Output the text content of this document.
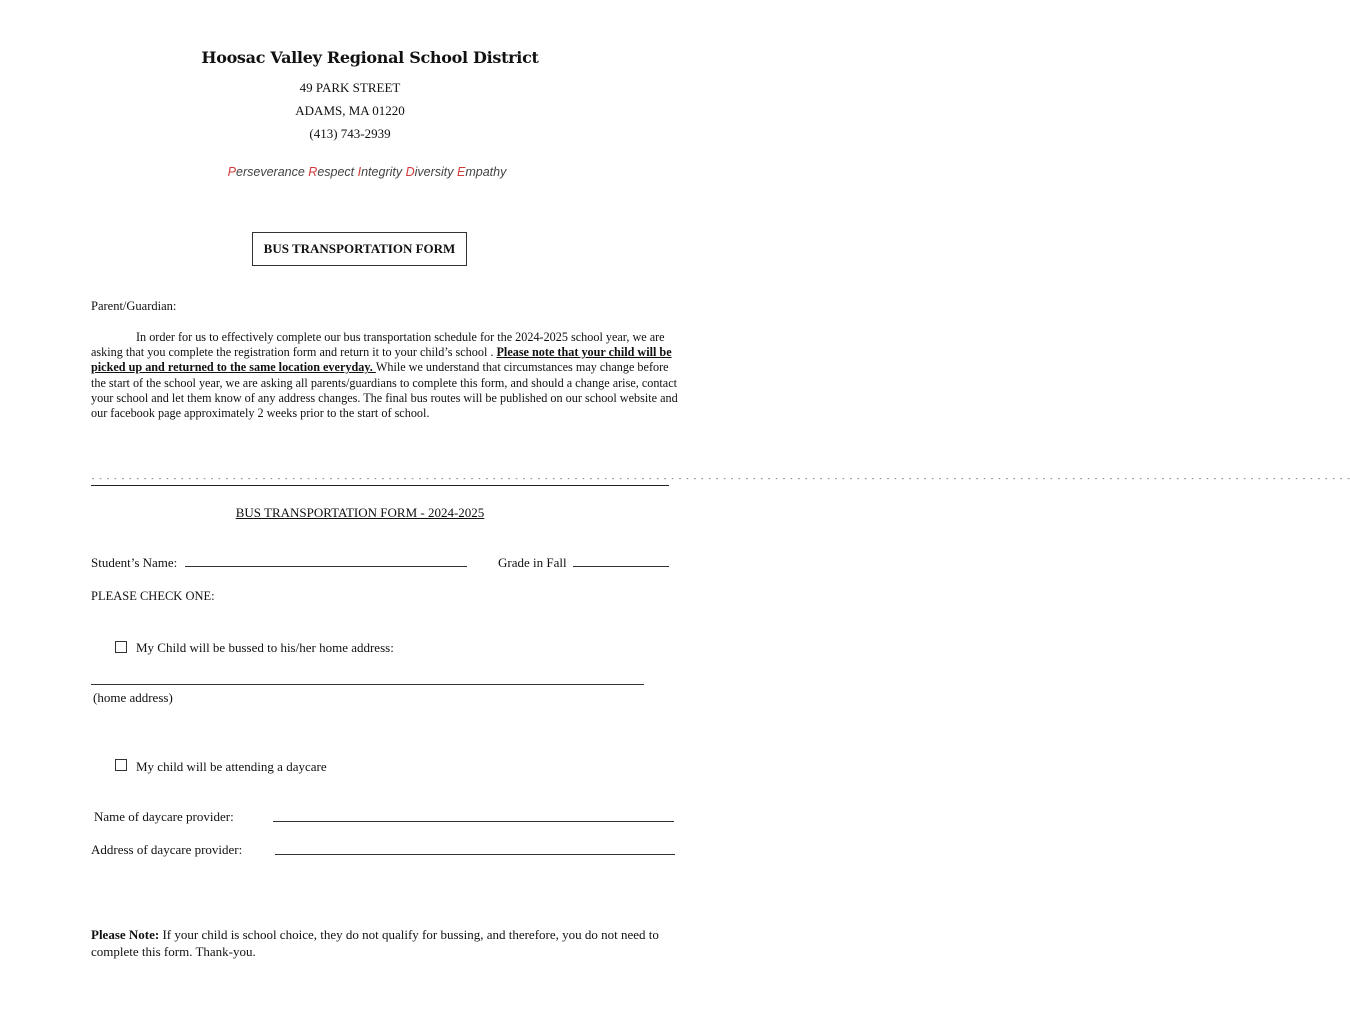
Hoosac Valley Regional School District
49 PARK STREET
ADAMS, MA 01220
(413) 743-2939
Perseverance Respect Integrity Diversity Empathy
BUS TRANSPORTATION FORM
Parent/Guardian:
In order for us to effectively complete our bus transportation schedule for the 2024-2025 school year, we are asking that you complete the registration form and return it to your child’s school . Please note that your child will be picked up and returned to the same location everyday. While we understand that circumstances may change before the start of the school year, we are asking all parents/guardians to complete this form, and should a change arise, contact your school and let them know of any address changes. The final bus routes will be published on our school website and our facebook page approximately 2 weeks prior to the start of school.
- - - - - - - - - - - - - - - - - - - - - - - - - - - - - - - - - - - - - - - - - - - - - - - - - - - - - - - - - - - - - - - - - - - - - - - - - - - - - - - - - - - - - - - - - - - - - - - - - - - - - - - - - - - - - - - - - - - - - - - - - - - - - - - - - - - - - - - - - - - - - - - - - - - - - - - - - - - - - - - - - - - - - - - - - -
BUS TRANSPORTATION FORM - 2024-2025
Student’s Name:	Grade in Fall
PLEASE CHECK ONE:
My Child will be bussed to his/her home address:
(home address)
My child will be attending a daycare
Name of daycare provider:
Address of daycare provider:
Please Note: If your child is school choice, they do not qualify for bussing, and therefore, you do not need to complete this form. Thank-you.
